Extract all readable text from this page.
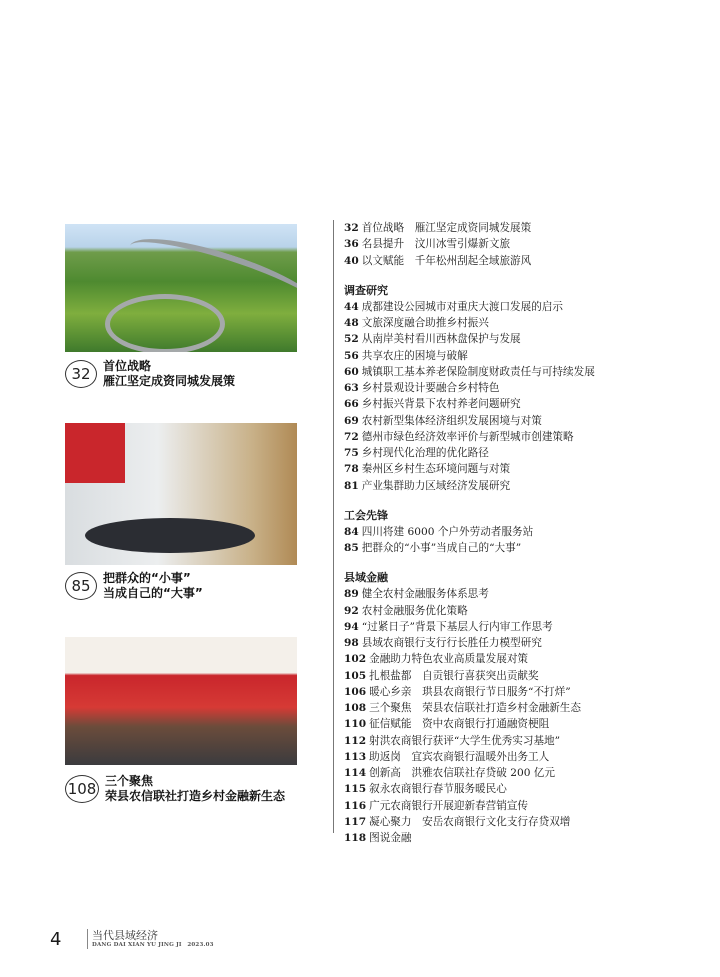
32	首位战略
雁江坚定成资同城发展策
85	把群众的“小事”
当成自己的“大事”
108 三个聚焦
荣县农信联社打造乡村金融新生态
32 首位战略　雁江坚定成资同城发展策
36 名县提升　汶川冰雪引爆新文旅
40 以文赋能　千年松州刮起全域旅游风
调查研究
44 成都建设公园城市对重庆大渡口发展的启示
48 文旅深度融合助推乡村振兴
52 从南岸美村看川西林盘保护与发展
56 共享农庄的困境与破解
60 城镇职工基本养老保险制度财政责任与可持续发展
63 乡村景观设计要融合乡村特色
66 乡村振兴背景下农村养老问题研究
69 农村新型集体经济组织发展困境与对策
72 德州市绿色经济效率评价与新型城市创建策略
75 乡村现代化治理的优化路径
78 秦州区乡村生态环境问题与对策
81 产业集群助力区域经济发展研究
工会先锋
84 四川将建 6000 个户外劳动者服务站
85 把群众的“小事”当成自己的“大事”
县域金融
89 健全农村金融服务体系思考
92 农村金融服务优化策略
94 “过紧日子”背景下基层人行内审工作思考
98 县域农商银行支行行长胜任力模型研究
102 金融助力特色农业高质量发展对策
105 扎根盐都　自贡银行喜获突出贡献奖
106 暖心乡亲　珙县农商银行节日服务“不打烊”
108 三个聚焦　荣县农信联社打造乡村金融新生态
110 征信赋能　资中农商银行打通融资梗阻
112 射洪农商银行获评“大学生优秀实习基地”
113 助返岗　宜宾农商银行温暖外出务工人
114 创新高　洪雅农信联社存贷破 200 亿元
115 叙永农商银行春节服务暖民心
116 广元农商银行开展迎新春营销宣传
117 凝心聚力　安岳农商银行文化支行存贷双增
118 图说金融
4	当代县域经济
DANG DAI XIAN YU JING JI　2023.03
